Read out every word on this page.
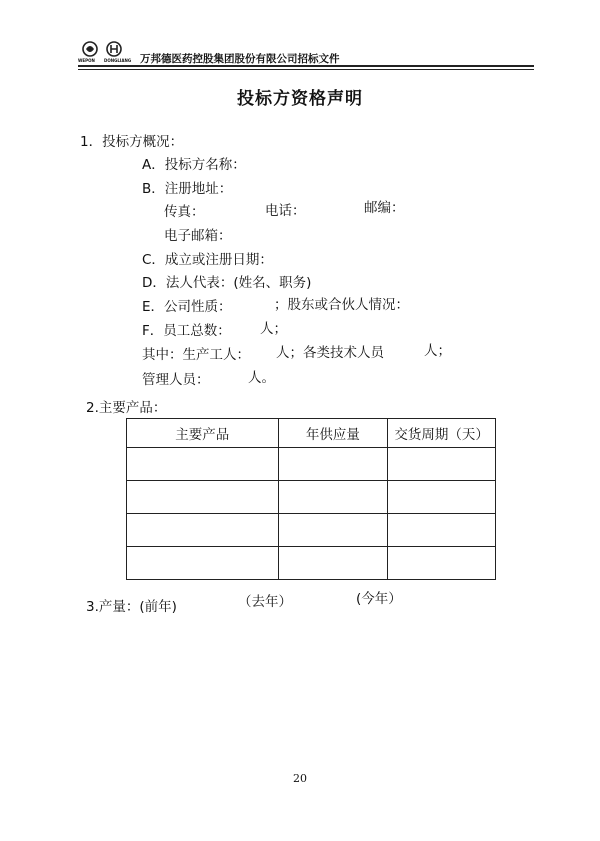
WEPON DONGLIANG 万邦德医药控股集团股份有限公司招标文件
投标方资格声明
1．投标方概况：
A．投标方名称：
B．注册地址：
传真：	电话：	邮编：
电子邮箱：
C．成立或注册日期：
D．法人代表：(姓名、职务)
E．公司性质：	；股东或合伙人情况：
F．员工总数： 人；
其中：生产工人： 人；各类技术人员	人；
管理人员：	人。
2.主要产品：
主要产品	年供应量	交货周期（天）

3.产量：(前年)	（去年）	(今年）
20
